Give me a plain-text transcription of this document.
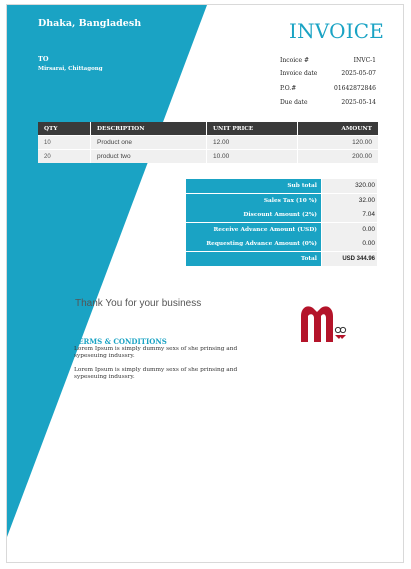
Dhaka, Bangladesh
TO
Mirsarai, Chittagong
INVOICE
Incoice #	INVC-1
Invoice date	2025-05-07
P.O.#	01642872846
Due date	2025-05-14
QTY	DESCRIPTION	UNIT PRICE	AMOUNT
10	Product one	12.00	120.00
20	product two	10.00	200.00
Sub total	320.00
Sales Tax (10 %)	32.00
Discount Amount (2%)	7.04
Receive Advance Amount (USD)	0.00
Requesting Advance Amount (0%)	0.00
Total	USD 344.96
Thank You for your business
TERMS & CONDITIONS
Lorem Ipsum is simply dummy sexs of she prinsing and sypeseuing indussry.
Lorem Ipsum is simply dummy sexs of she prinsing and sypeseuing indussry.
